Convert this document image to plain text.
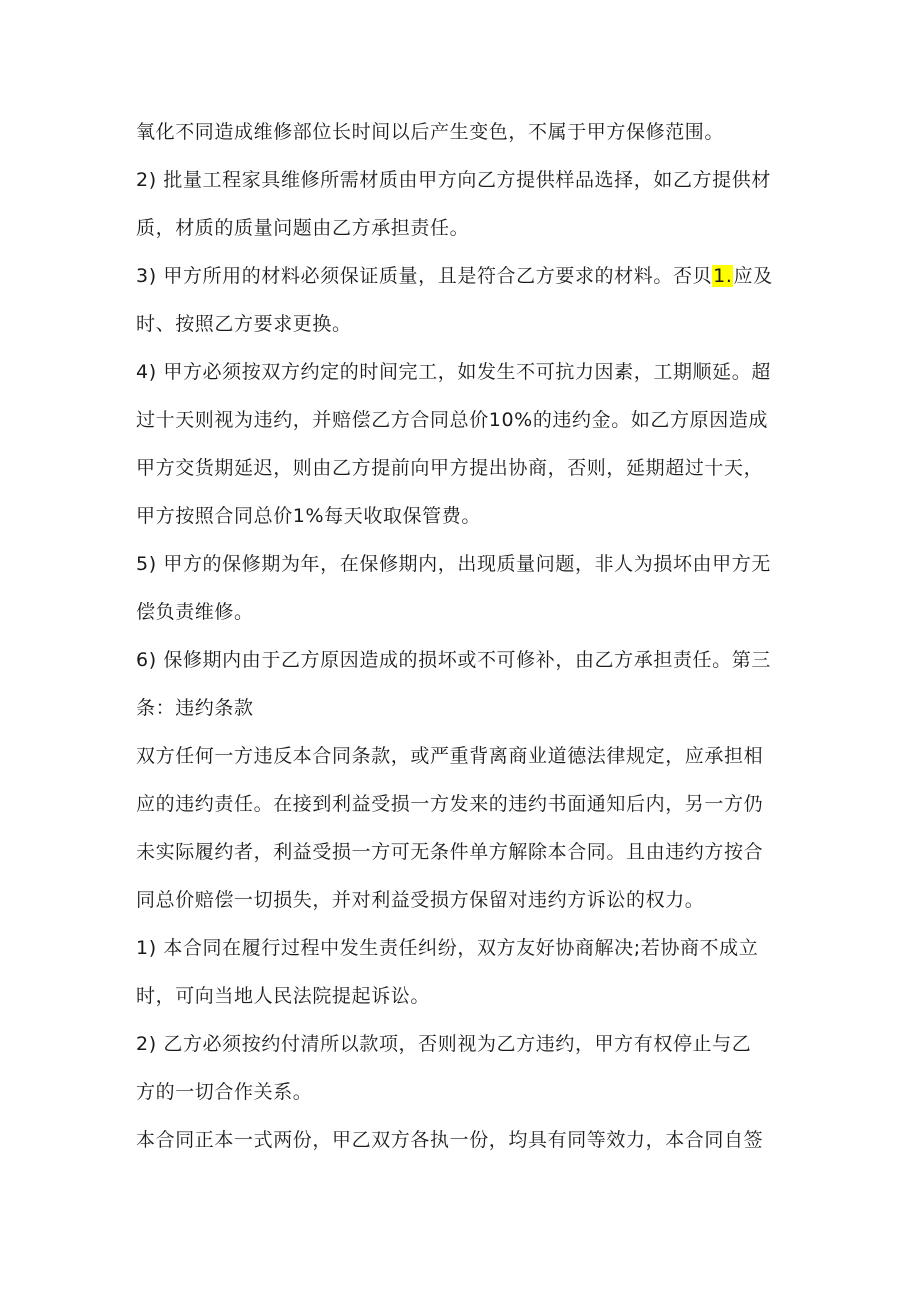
氧化不同造成维修部位长时间以后产生变色，不属于甲方保修范围。
2) 批量工程家具维修所需材质由甲方向乙方提供样品选择，如乙方提供材
质，材质的质量问题由乙方承担责任。
3) 甲方所用的材料必须保证质量，且是符合乙方要求的材料。否贝1.应及
时、按照乙方要求更换。
4) 甲方必须按双方约定的时间完工，如发生不可抗力因素，工期顺延。超
过十天则视为违约，并赔偿乙方合同总价10%的违约金。如乙方原因造成
甲方交货期延迟，则由乙方提前向甲方提出协商，否则，延期超过十天，
甲方按照合同总价1%每天收取保管费。
5) 甲方的保修期为年，在保修期内，出现质量问题，非人为损坏由甲方无
偿负责维修。
6) 保修期内由于乙方原因造成的损坏或不可修补，由乙方承担责任。第三
条：违约条款
双方任何一方违反本合同条款，或严重背离商业道德法律规定，应承担相
应的违约责任。在接到利益受损一方发来的违约书面通知后内，另一方仍
未实际履约者，利益受损一方可无条件单方解除本合同。且由违约方按合
同总价赔偿一切损失，并对利益受损方保留对违约方诉讼的权力。
1) 本合同在履行过程中发生责任纠纷，双方友好协商解决;若协商不成立
时，可向当地人民法院提起诉讼。
2) 乙方必须按约付清所以款项，否则视为乙方违约，甲方有权停止与乙
方的一切合作关系。
本合同正本一式两份，甲乙双方各执一份，均具有同等效力，本合同自签
